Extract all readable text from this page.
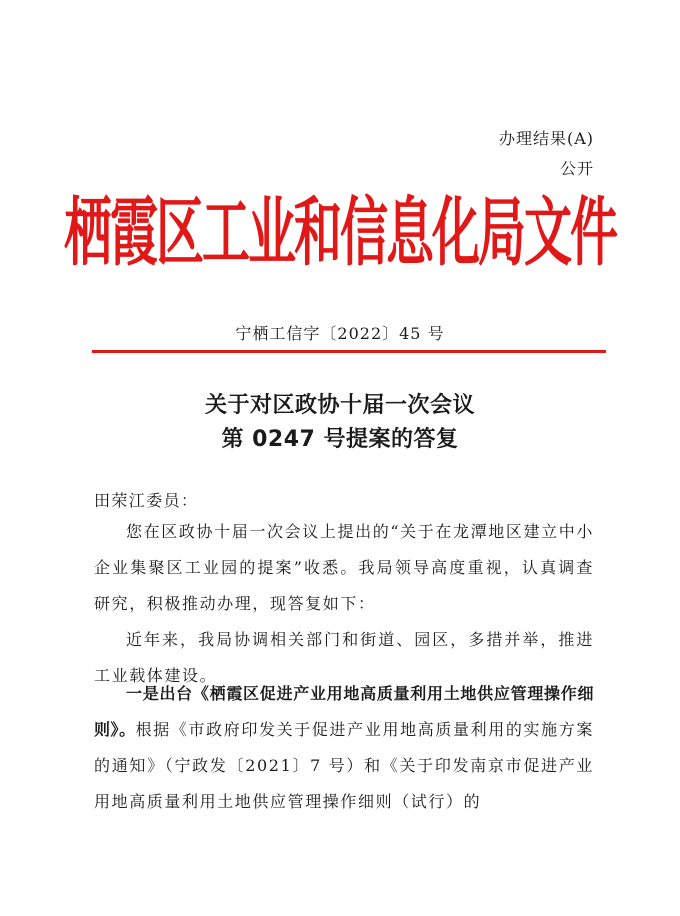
办理结果(A)
公开
栖霞区工业和信息化局文件
宁栖工信字〔2022〕45 号
关于对区政协十届一次会议
第 0247 号提案的答复
田荣江委员：
您在区政协十届一次会议上提出的“关于在龙潭地区建立中小企业集聚区工业园的提案”收悉。我局领导高度重视，认真调查研究，积极推动办理，现答复如下：
近年来，我局协调相关部门和街道、园区，多措并举，推进工业载体建设。
一是出台《栖霞区促进产业用地高质量利用土地供应管理操作细则》。根据《市政府印发关于促进产业用地高质量利用的实施方案的通知》（宁政发〔2021〕7 号）和《关于印发南京市促进产业用地高质量利用土地供应管理操作细则（试行）的
